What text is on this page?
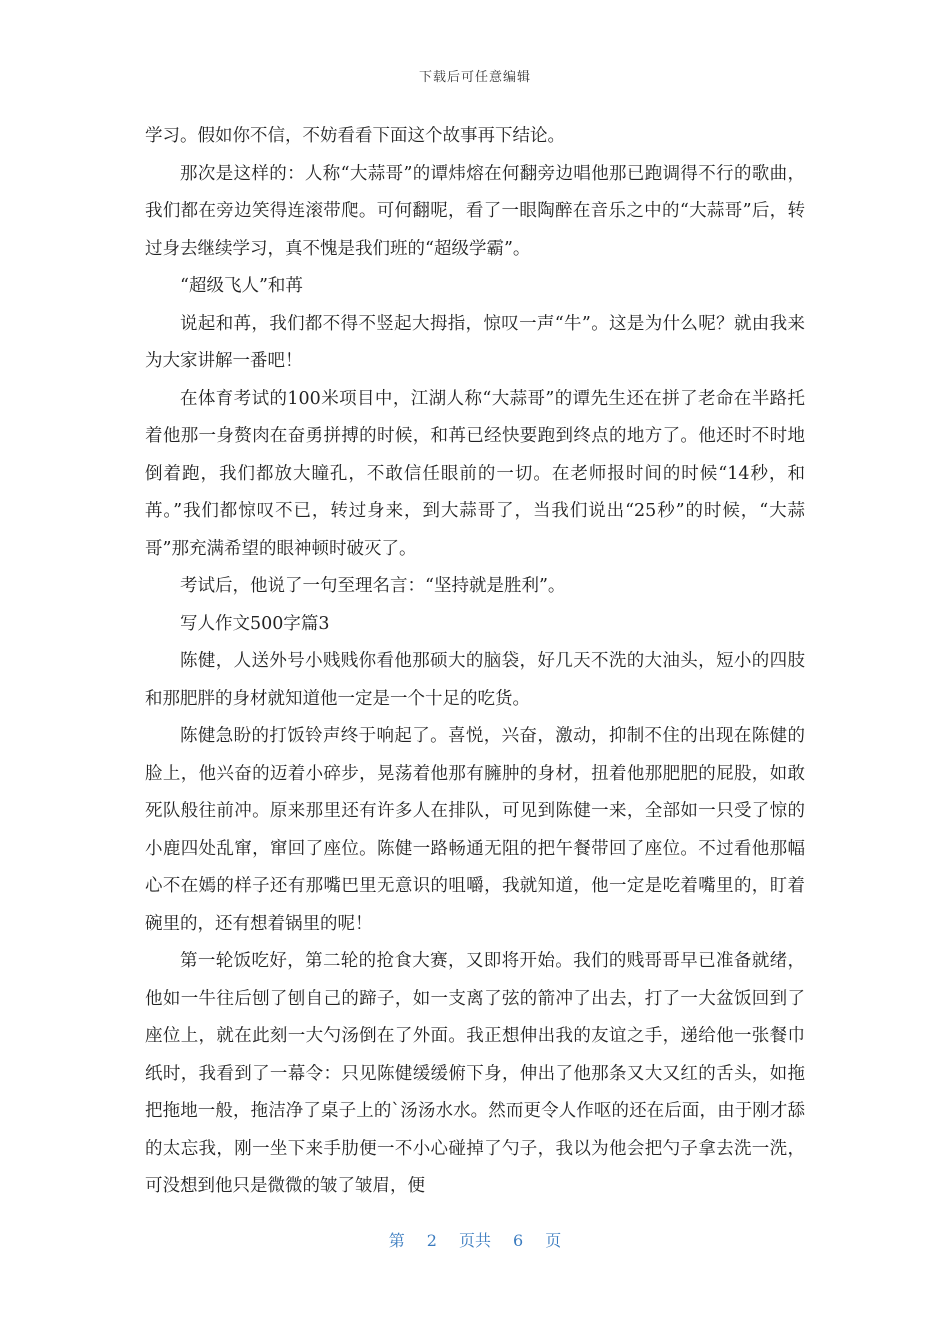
下载后可任意编辑

学习。假如你不信，不妨看看下面这个故事再下结论。

那次是这样的：人称“大蒜哥”的谭炜熔在何翻旁边唱他那已跑调得不行的歌曲，我们都在旁边笑得连滚带爬。可何翻呢，看了一眼陶醉在音乐之中的“大蒜哥”后，转过身去继续学习，真不愧是我们班的“超级学霸”。

“超级飞人”和苒

说起和苒，我们都不得不竖起大拇指，惊叹一声“牛”。这是为什么呢？就由我来为大家讲解一番吧！

在体育考试的100米项目中，江湖人称“大蒜哥”的谭先生还在拼了老命在半路托着他那一身赘肉在奋勇拼搏的时候，和苒已经快要跑到终点的地方了。他还时不时地倒着跑，我们都放大瞳孔，不敢信任眼前的一切。在老师报时间的时候“14秒，和苒。”我们都惊叹不已，转过身来，到大蒜哥了，当我们说出“25秒”的时候，“大蒜哥”那充满希望的眼神顿时破灭了。

考试后，他说了一句至理名言：“坚持就是胜利”。

写人作文500字篇3

陈健，人送外号小贱贱你看他那硕大的脑袋，好几天不洗的大油头，短小的四肢和那肥胖的身材就知道他一定是一个十足的吃货。

陈健急盼的打饭铃声终于响起了。喜悦，兴奋，激动，抑制不住的出现在陈健的脸上，他兴奋的迈着小碎步，晃荡着他那有臃肿的身材，扭着他那肥肥的屁股，如敢死队般往前冲。原来那里还有许多人在排队，可见到陈健一来，全部如一只受了惊的小鹿四处乱窜，窜回了座位。陈健一路畅通无阻的把午餐带回了座位。不过看他那幅心不在嫣的样子还有那嘴巴里无意识的咀嚼，我就知道，他一定是吃着嘴里的，盯着碗里的，还有想着锅里的呢！

第一轮饭吃好，第二轮的抢食大赛，又即将开始。我们的贱哥哥早已准备就绪，他如一牛往后刨了刨自己的蹄子，如一支离了弦的箭冲了出去，打了一大盆饭回到了座位上，就在此刻一大勺汤倒在了外面。我正想伸出我的友谊之手，递给他一张餐巾纸时，我看到了一幕令：只见陈健缓缓俯下身，伸出了他那条又大又红的舌头，如拖把拖地一般，拖洁净了桌子上的`汤汤水水。然而更令人作呕的还在后面，由于刚才舔的太忘我，刚一坐下来手肋便一不小心碰掉了勺子，我以为他会把勺子拿去洗一洗，可没想到他只是微微的皱了皱眉，便

第 2 页共 6 页
